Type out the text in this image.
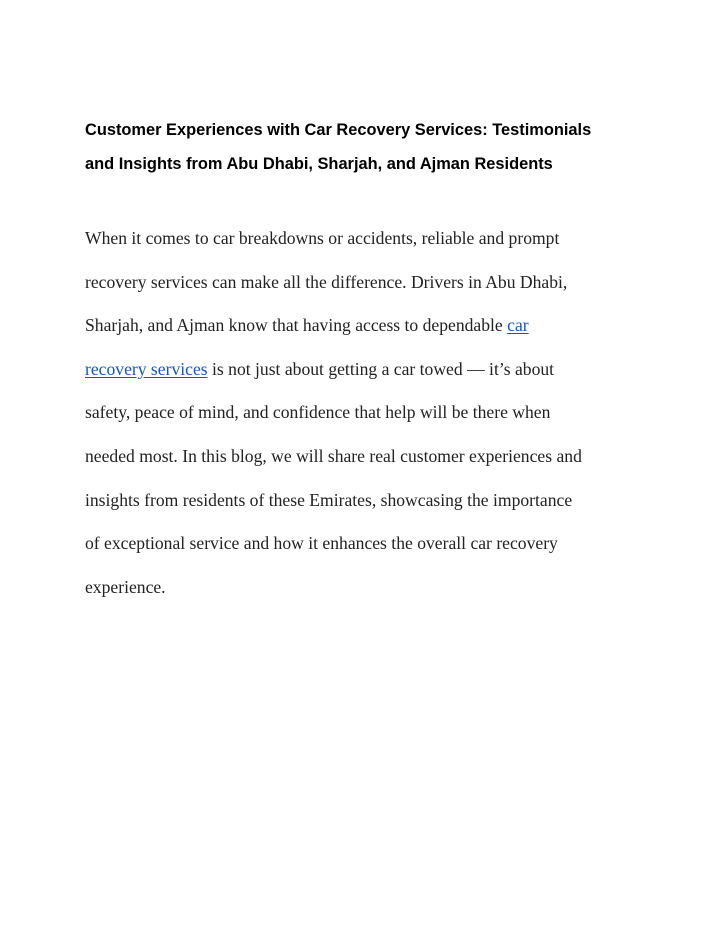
Customer Experiences with Car Recovery Services: Testimonials
and Insights from Abu Dhabi, Sharjah, and Ajman Residents

When it comes to car breakdowns or accidents, reliable and prompt
recovery services can make all the difference. Drivers in Abu Dhabi,
Sharjah, and Ajman know that having access to dependable car
recovery services is not just about getting a car towed — it’s about
safety, peace of mind, and confidence that help will be there when
needed most. In this blog, we will share real customer experiences and
insights from residents of these Emirates, showcasing the importance
of exceptional service and how it enhances the overall car recovery
experience.
